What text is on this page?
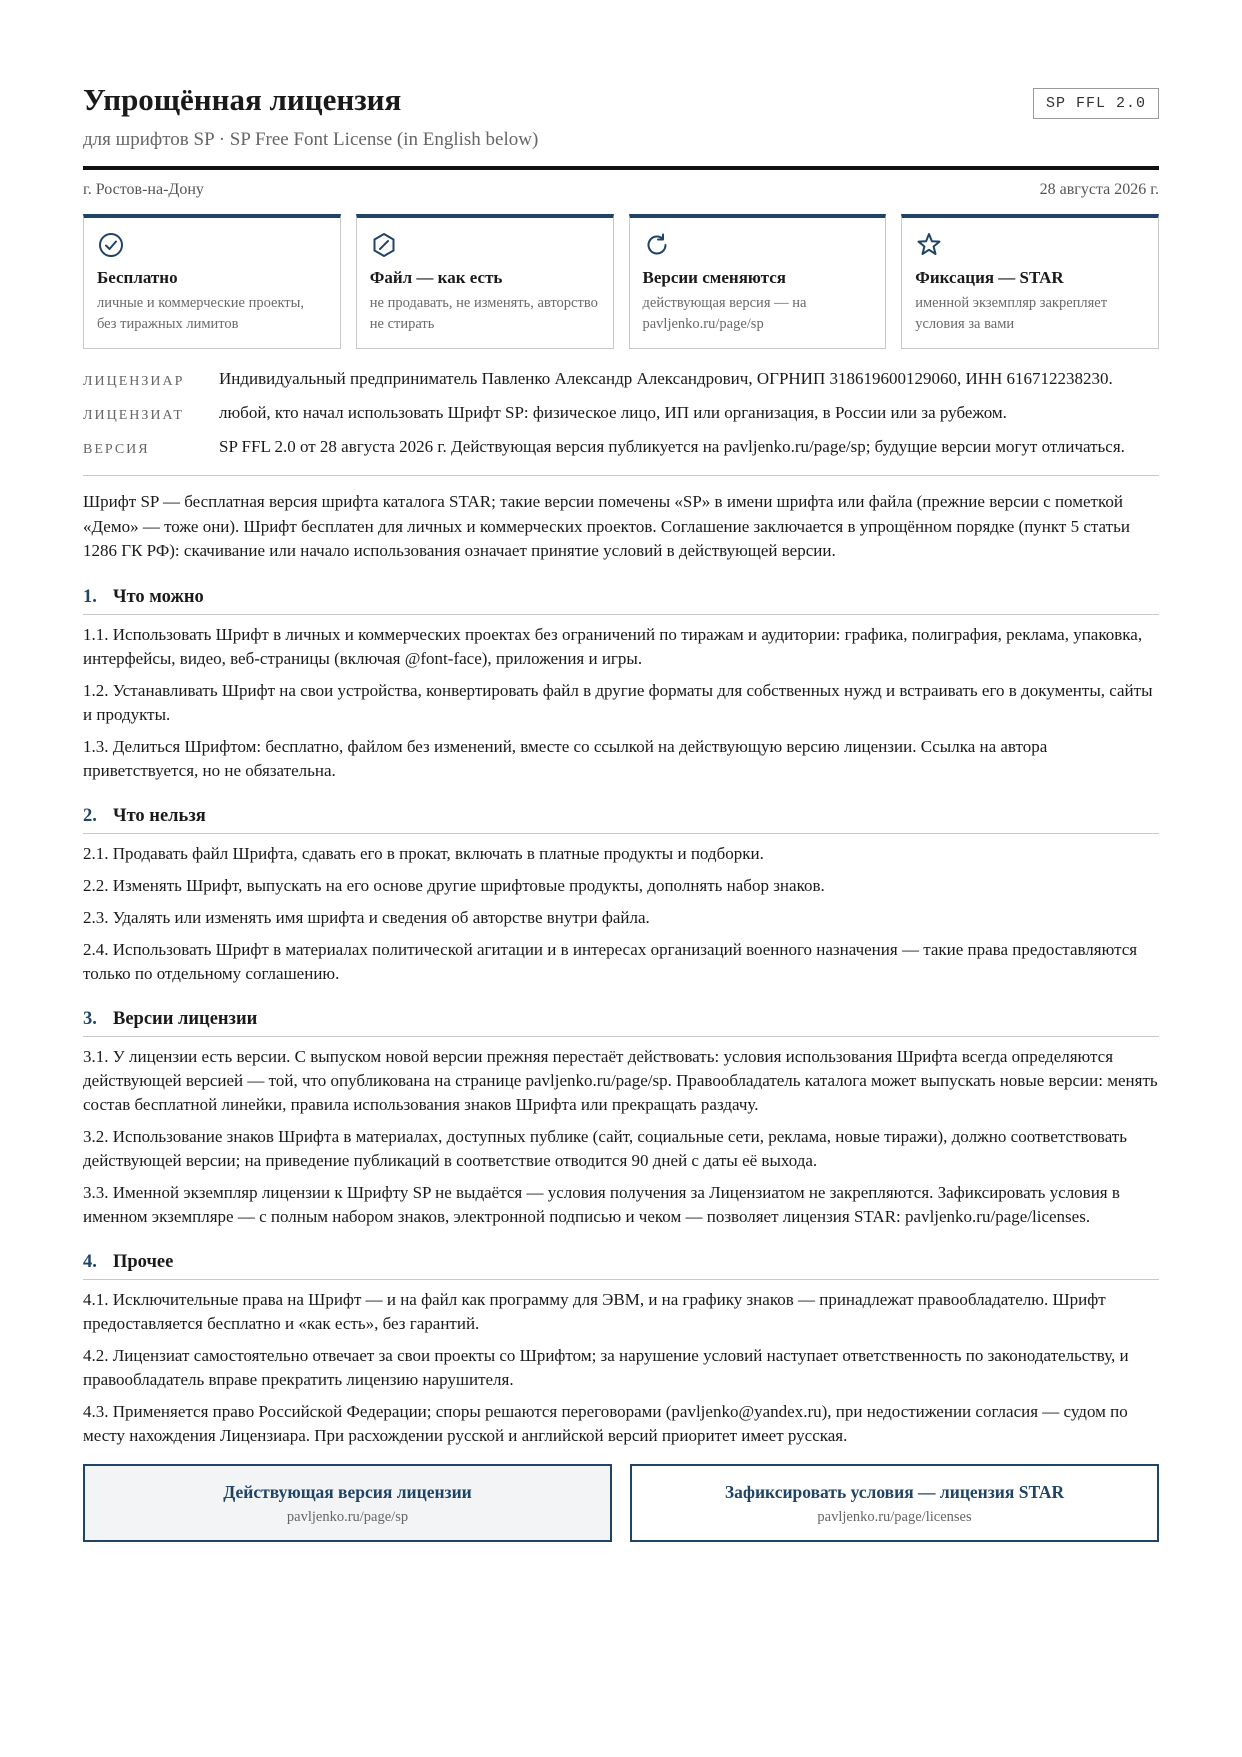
Упрощённая лицензия
для шрифтов SP · SP Free Font License (in English below)
SP FFL 2.0
г. Ростов-на-Дону	28 августа 2026 г.
Бесплатно
личные и коммерческие проекты, без тиражных лимитов
Файл — как есть
не продавать, не изменять, авторство не стирать
Версии сменяются
действующая версия — на pavljenko.ru/page/sp
Фиксация — STAR
именной экземпляр закрепляет условия за вами
ЛИЦЕНЗИАР	Индивидуальный предприниматель Павленко Александр Александрович, ОГРНИП 318619600129060, ИНН 616712238230.
ЛИЦЕНЗИАТ	любой, кто начал использовать Шрифт SP: физическое лицо, ИП или организация, в России или за рубежом.
ВЕРСИЯ	SP FFL 2.0 от 28 августа 2026 г. Действующая версия публикуется на pavljenko.ru/page/sp; будущие версии могут отличаться.
Шрифт SP — бесплатная версия шрифта каталога STAR; такие версии помечены «SP» в имени шрифта или файла (прежние версии с пометкой «Демо» — тоже они). Шрифт бесплатен для личных и коммерческих проектов. Соглашение заключается в упрощённом порядке (пункт 5 статьи 1286 ГК РФ): скачивание или начало использования означает принятие условий в действующей версии.
1. Что можно
1.1. Использовать Шрифт в личных и коммерческих проектах без ограничений по тиражам и аудитории: графика, полиграфия, реклама, упаковка, интерфейсы, видео, веб-страницы (включая @font-face), приложения и игры.
1.2. Устанавливать Шрифт на свои устройства, конвертировать файл в другие форматы для собственных нужд и встраивать его в документы, сайты и продукты.
1.3. Делиться Шрифтом: бесплатно, файлом без изменений, вместе со ссылкой на действующую версию лицензии. Ссылка на автора приветствуется, но не обязательна.
2. Что нельзя
2.1. Продавать файл Шрифта, сдавать его в прокат, включать в платные продукты и подборки.
2.2. Изменять Шрифт, выпускать на его основе другие шрифтовые продукты, дополнять набор знаков.
2.3. Удалять или изменять имя шрифта и сведения об авторстве внутри файла.
2.4. Использовать Шрифт в материалах политической агитации и в интересах организаций военного назначения — такие права предоставляются только по отдельному соглашению.
3. Версии лицензии
3.1. У лицензии есть версии. С выпуском новой версии прежняя перестаёт действовать: условия использования Шрифта всегда определяются действующей версией — той, что опубликована на странице pavljenko.ru/page/sp. Правообладатель каталога может выпускать новые версии: менять состав бесплатной линейки, правила использования знаков Шрифта или прекращать раздачу.
3.2. Использование знаков Шрифта в материалах, доступных публике (сайт, социальные сети, реклама, новые тиражи), должно соответствовать действующей версии; на приведение публикаций в соответствие отводится 90 дней с даты её выхода.
3.3. Именной экземпляр лицензии к Шрифту SP не выдаётся — условия получения за Лицензиатом не закрепляются. Зафиксировать условия в именном экземпляре — с полным набором знаков, электронной подписью и чеком — позволяет лицензия STAR: pavljenko.ru/page/licenses.
4. Прочее
4.1. Исключительные права на Шрифт — и на файл как программу для ЭВМ, и на графику знаков — принадлежат правообладателю. Шрифт предоставляется бесплатно и «как есть», без гарантий.
4.2. Лицензиат самостоятельно отвечает за свои проекты со Шрифтом; за нарушение условий наступает ответственность по законодательству, и правообладатель вправе прекратить лицензию нарушителя.
4.3. Применяется право Российской Федерации; споры решаются переговорами (pavljenko@yandex.ru), при недостижении согласия — судом по месту нахождения Лицензиара. При расхождении русской и английской версий приоритет имеет русская.
Действующая версия лицензии
pavljenko.ru/page/sp
Зафиксировать условия — лицензия STAR
pavljenko.ru/page/licenses
